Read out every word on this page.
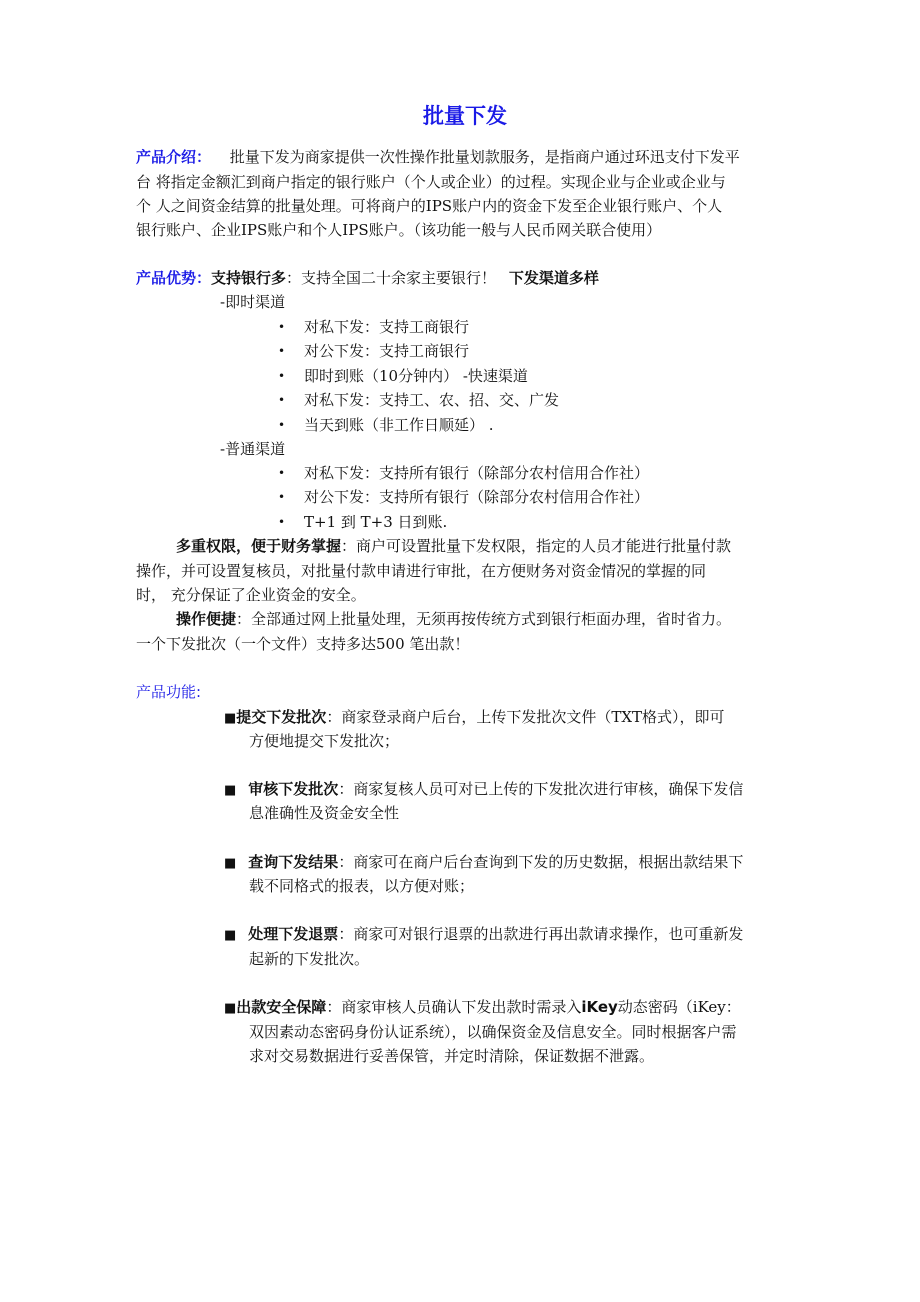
批量下发
产品介绍： 批量下发为商家提供一次性操作批量划款服务，是指商户通过环迅支付下发平
台 将指定金额汇到商户指定的银行账户（个人或企业）的过程。实现企业与企业或企业与
个 人之间资金结算的批量处理。可将商户的IPS账户内的资金下发至企业银行账户、个人
银行账户、企业IPS账户和个人IPS账户。（该功能一般与人民币网关联合使用）
产品优势：支持银行多：支持全国二十余家主要银行！ 下发渠道多样
-即时渠道
• 对私下发：支持工商银行
• 对公下发：支持工商银行
• 即时到账（10分钟内） -快速渠道
• 对私下发：支持工、农、招、交、广发
• 当天到账（非工作日顺延） .
-普通渠道
• 对私下发：支持所有银行（除部分农村信用合作社）
• 对公下发：支持所有银行（除部分农村信用合作社）
• T+1 到 T+3 日到账.
多重权限，便于财务掌握：商户可设置批量下发权限，指定的人员才能进行批量付款
操作，并可设置复核员，对批量付款申请进行审批，在方便财务对资金情况的掌握的同
时， 充分保证了企业资金的安全。
操作便捷：全部通过网上批量处理，无须再按传统方式到银行柜面办理，省时省力。
一个下发批次（一个文件）支持多达500 笔出款！
产品功能:
■提交下发批次：商家登录商户后台，上传下发批次文件（TXT格式），即可
方便地提交下发批次；
■ 审核下发批次：商家复核人员可对已上传的下发批次进行审核，确保下发信
息准确性及资金安全性
■ 查询下发结果：商家可在商户后台查询到下发的历史数据，根据出款结果下
载不同格式的报表，以方便对账；
■ 处理下发退票：商家可对银行退票的出款进行再出款请求操作，也可重新发
起新的下发批次。
■出款安全保障：商家审核人员确认下发出款时需录入iKey动态密码（iKey：
双因素动态密码身份认证系统），以确保资金及信息安全。同时根据客户需
求对交易数据进行妥善保管，并定时清除，保证数据不泄露。
